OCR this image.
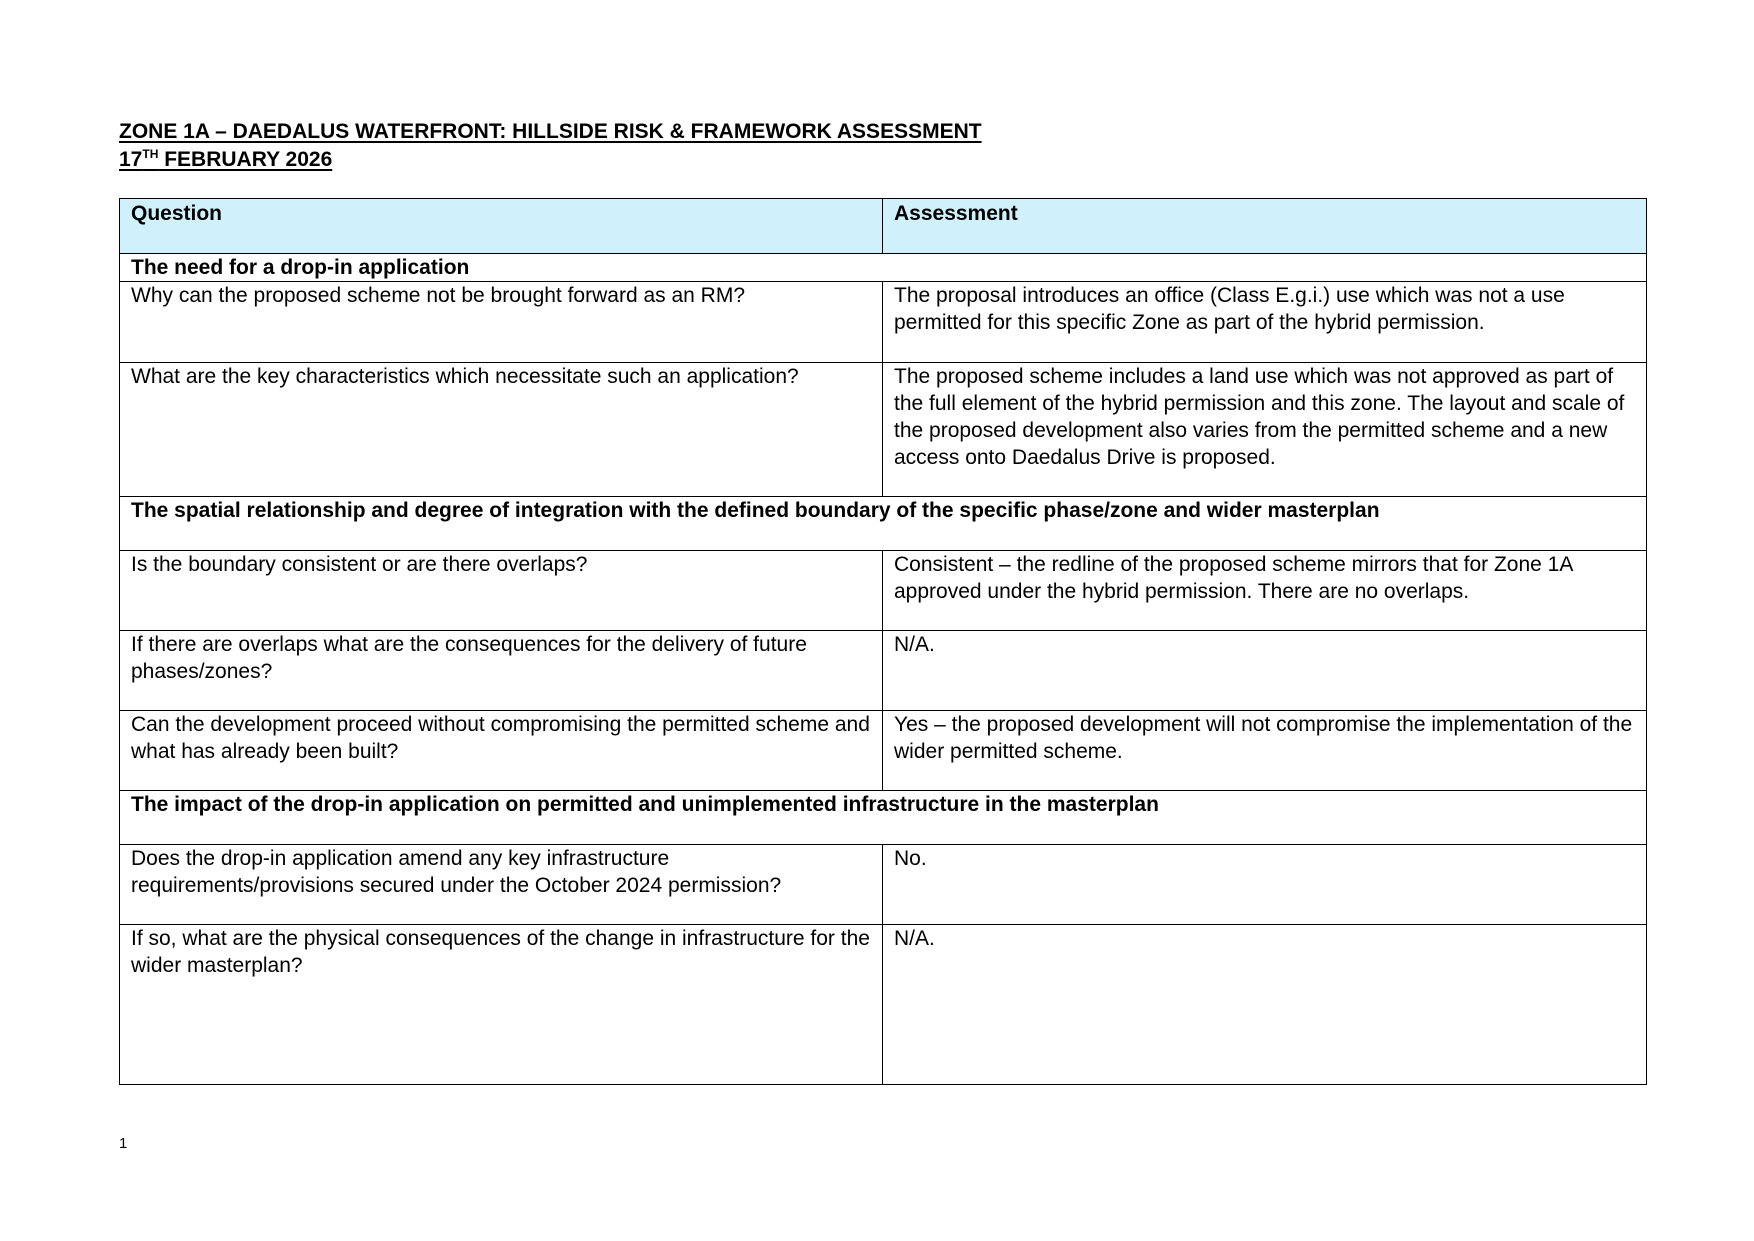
ZONE 1A – DAEDALUS WATERFRONT: HILLSIDE RISK & FRAMEWORK ASSESSMENT
17TH FEBRUARY 2026
Question	Assessment
The need for a drop-in application	
Why can the proposed scheme not be brought forward as an RM?	The proposal introduces an office (Class E.g.i.) use which was not a use permitted for this specific Zone as part of the hybrid permission.
What are the key characteristics which necessitate such an application?	The proposed scheme includes a land use which was not approved as part of the full element of the hybrid permission and this zone. The layout and scale of the proposed development also varies from the permitted scheme and a new access onto Daedalus Drive is proposed.
The spatial relationship and degree of integration with the defined boundary of the specific phase/zone and wider masterplan	
Is the boundary consistent or are there overlaps?	Consistent – the redline of the proposed scheme mirrors that for Zone 1A approved under the hybrid permission. There are no overlaps.
If there are overlaps what are the consequences for the delivery of future phases/zones?	N/A.
Can the development proceed without compromising the permitted scheme and what has already been built?	Yes – the proposed development will not compromise the implementation of the wider permitted scheme.
The impact of the drop-in application on permitted and unimplemented infrastructure in the masterplan	
Does the drop-in application amend any key infrastructure requirements/provisions secured under the October 2024 permission?	No.
If so, what are the physical consequences of the change in infrastructure for the wider masterplan?	N/A.
1
